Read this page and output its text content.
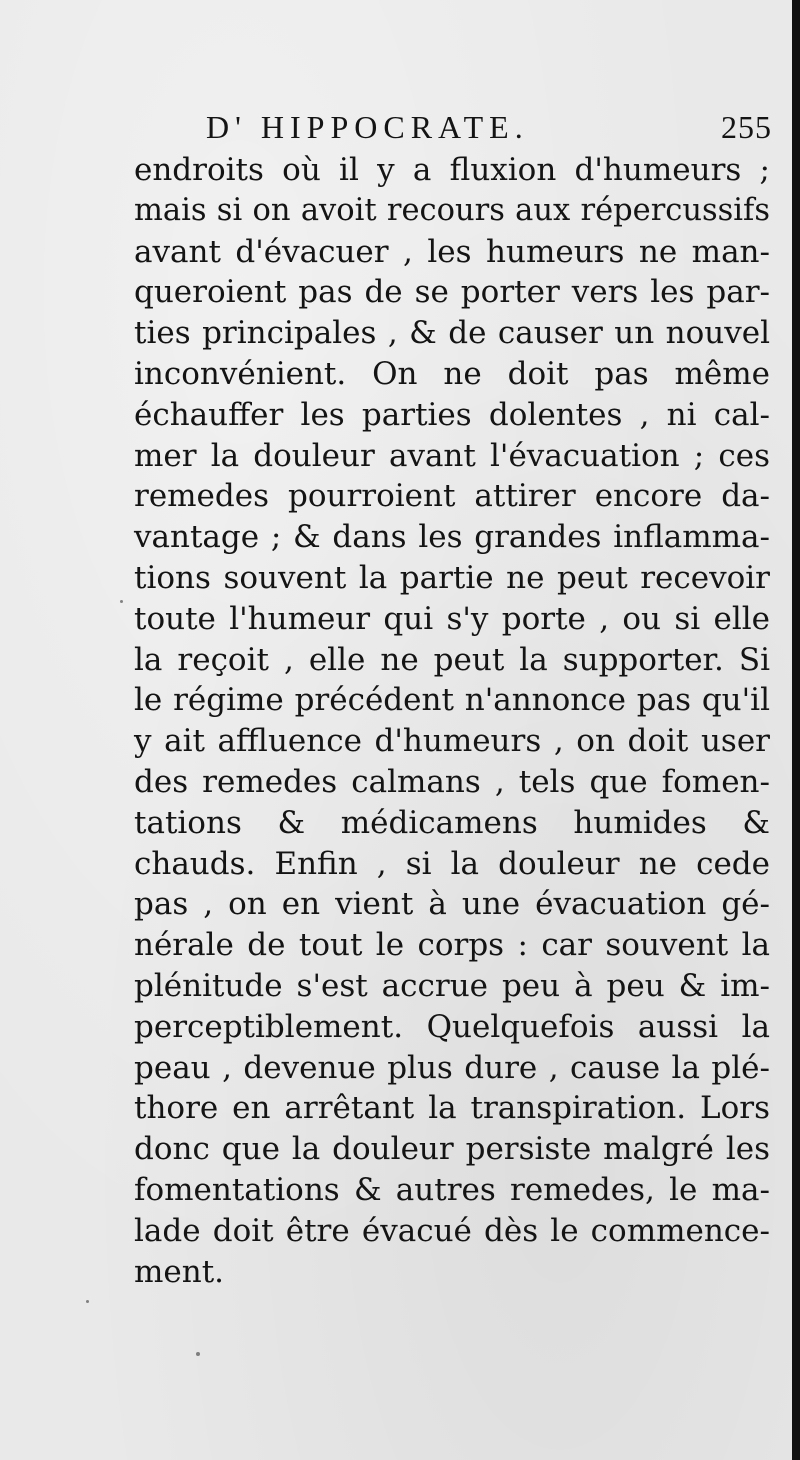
D' HIPPOCRATE.	255
endroits où il y a fluxion d'humeurs ;
mais si on avoit recours aux répercussifs
avant d'évacuer , les humeurs ne man-
queroient pas de se porter vers les par-
ties principales , & de causer un nouvel
inconvénient. On ne doit pas même
échauffer les parties dolentes , ni cal-
mer la douleur avant l'évacuation ; ces
remedes pourroient attirer encore da-
vantage ; & dans les grandes inflamma-
tions souvent la partie ne peut recevoir
toute l'humeur qui s'y porte , ou si elle
la reçoit , elle ne peut la supporter. Si
le régime précédent n'annonce pas qu'il
y ait affluence d'humeurs , on doit user
des remedes calmans , tels que fomen-
tations & médicamens humides &
chauds. Enfin , si la douleur ne cede
pas , on en vient à une évacuation gé-
nérale de tout le corps : car souvent la
plénitude s'est accrue peu à peu & im-
perceptiblement. Quelquefois aussi la
peau , devenue plus dure , cause la plé-
thore en arrêtant la transpiration. Lors
donc que la douleur persiste malgré les
fomentations & autres remedes, le ma-
lade doit être évacué dès le commence-
ment.
